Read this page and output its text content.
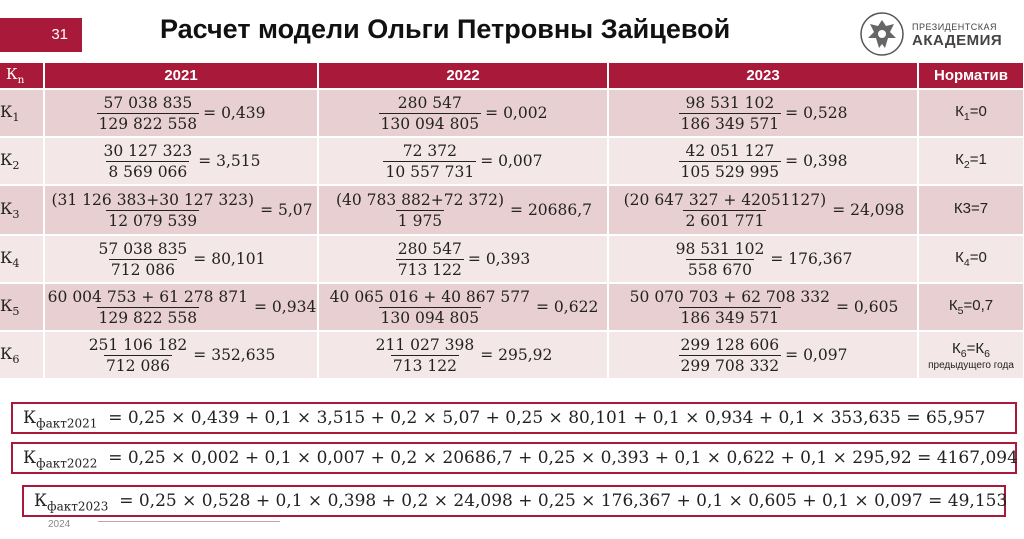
31	Расчет модели Ольги Петровны Зайцевой	ПРЕЗИДЕНТСКАЯ
АКАДЕМИЯ
$К_n$	2021	2022	2023	Норматив
$К_1$	$\frac{57 038 835}{129 822 558} = 0,439$	$\frac{280 547}{130 094 805} = 0,002$	$\frac{98 531 102}{186 349 571} = 0,528$	$К_1=0$
$К_2$	$\frac{30 127 323}{8 569 066} = 3,515$	$\frac{72 372}{10 557 731} = 0,007$	$\frac{42 051 127}{105 529 995} = 0,398$	$К_2=1$
$К_3$	$\frac{(31 126 383+30 127 323)}{12 079 539} = 5,07$	$\frac{(40 783 882+72 372)}{1 975} = 20686,7$	$\frac{(20 647 327 + 42051127)}{2 601 771} = 24,098$	К3=7
$К_4$	$\frac{57 038 835}{712 086} = 80,101$	$\frac{280 547}{713 122} = 0,393$	$\frac{98 531 102}{558 670} = 176,367$	$К_4=0$
$К_5$	$\frac{60 004 753 + 61 278 871}{129 822 558} = 0,934$	$\frac{40 065 016 + 40 867 577}{130 094 805} = 0,622$	$\frac{50 070 703 + 62 708 332}{186 349 571} = 0,605$	$К_5=0,7$
$К_6$	$\frac{251 106 182}{712 086} = 352,635$	$\frac{211 027 398}{713 122} = 295,92$	$\frac{299 128 606}{299 708 332} = 0,097$	$К_6=К_6$
предыдущего года
$К_{факт2021} = 0,25 \times 0,439 + 0,1 \times 3,515 + 0,2 \times 5,07 + 0,25 \times 80,101 + 0,1 \times 0,934 + 0,1 \times 353,635 = 65,957$
$К_{факт2022} = 0,25 \times 0,002 + 0,1 \times 0,007 + 0,2 \times 20686,7 + 0,25 \times 0,393 + 0,1 \times 0,622 + 0,1 \times 295,92 = 4167,094$
$К_{факт2023} = 0,25 \times 0,528 + 0,1 \times 0,398 + 0,2 \times 24,098 + 0,25 \times 176,367 + 0,1 \times 0,605 + 0,1 \times 0,097 = 49,153$
2024
